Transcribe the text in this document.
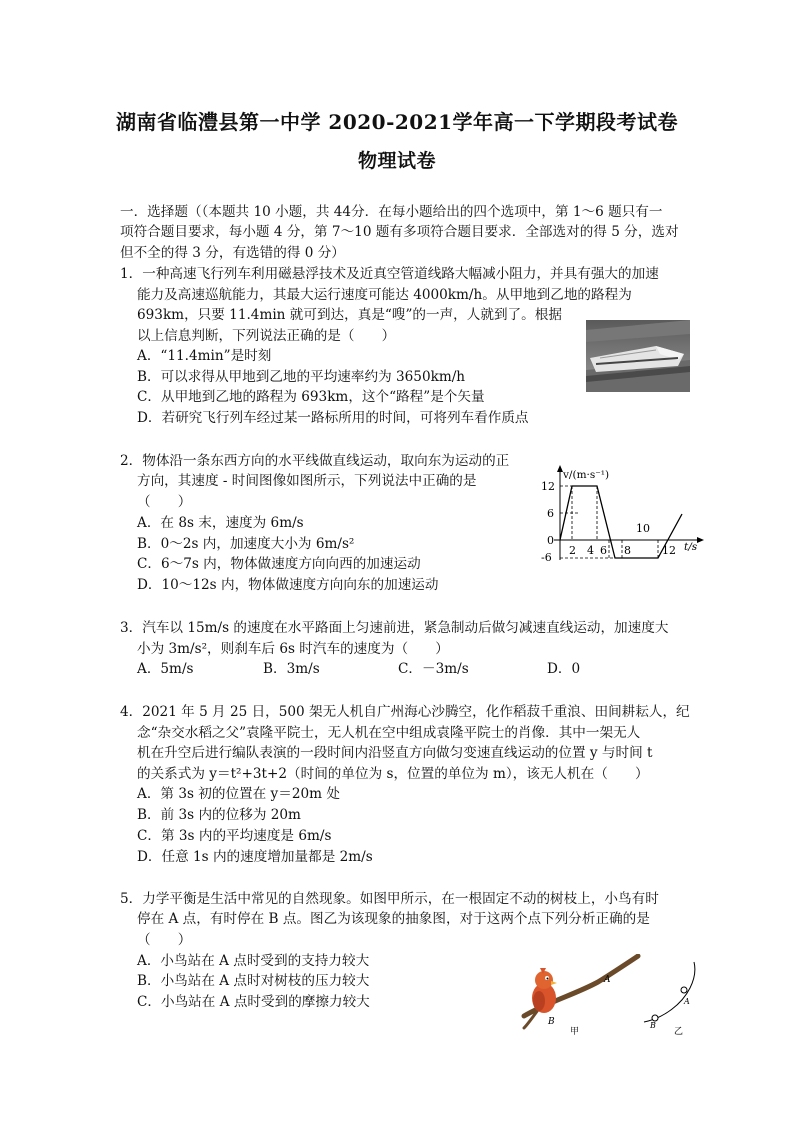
湖南省临澧县第一中学 2020-2021学年高一下学期段考试卷
物理试卷
一．选择题（（本题共 10 小题，共 44分．在每小题给出的四个选项中，第 1～6 题只有一
项符合题目要求，每小题 4 分，第 7～10 题有多项符合题目要求．全部选对的得 5 分，选对
但不全的得 3 分，有选错的得 0 分）
1．一种高速飞行列车利用磁悬浮技术及近真空管道线路大幅减小阻力，并具有强大的加速
能力及高速巡航能力，其最大运行速度可能达 4000km/h。从甲地到乙地的路程为
693km，只要 11.4min 就可到达，真是“嗖”的一声，人就到了。根据
以上信息判断，下列说法正确的是（　　）
A．“11.4min”是时刻
B．可以求得从甲地到乙地的平均速率约为 3650km/h
C．从甲地到乙地的路程为 693km，这个“路程”是个矢量
D．若研究飞行列车经过某一路标所用的时间，可将列车看作质点
2．物体沿一条东西方向的水平线做直线运动，取向东为运动的正
方向，其速度 - 时间图像如图所示，下列说法中正确的是
（　　）
A．在 8s 末，速度为 6m/s
B．0～2s 内，加速度大小为 6m/s²
C．6～7s 内，物体做速度方向向西的加速运动
D．10～12s 内，物体做速度方向向东的加速运动
v/(m·s⁻¹)
t/s
12
6
0
-6
2 4 6 8	12
10
3．汽车以 15m/s 的速度在水平路面上匀速前进，紧急制动后做匀减速直线运动，加速度大
小为 3m/s²，则刹车后 6s 时汽车的速度为（　　）
A．5m/s	B．3m/s	C．－3m/s	D．0
4．2021 年 5 月 25 日，500 架无人机自广州海心沙腾空，化作稻菽千重浪、田间耕耘人，纪
念“杂交水稻之父”袁隆平院士，无人机在空中组成袁隆平院士的肖像．其中一架无人
机在升空后进行编队表演的一段时间内沿竖直方向做匀变速直线运动的位置 y 与时间 t
的关系式为 y＝t²+3t+2（时间的单位为 s，位置的单位为 m），该无人机在（　　）
A．第 3s 初的位置在 y＝20m 处
B．前 3s 内的位移为 20m
C．第 3s 内的平均速度是 6m/s
D．任意 1s 内的速度增加量都是 2m/s
5．力学平衡是生活中常见的自然现象。如图甲所示，在一根固定不动的树枝上，小鸟有时
停在 A 点，有时停在 B 点。图乙为该现象的抽象图，对于这两个点下列分析正确的是
（　　）
A．小鸟站在 A 点时受到的支持力较大
B．小鸟站在 A 点时对树枝的压力较大
C．小鸟站在 A 点时受到的摩擦力较大
A
B
甲
A
B
乙
